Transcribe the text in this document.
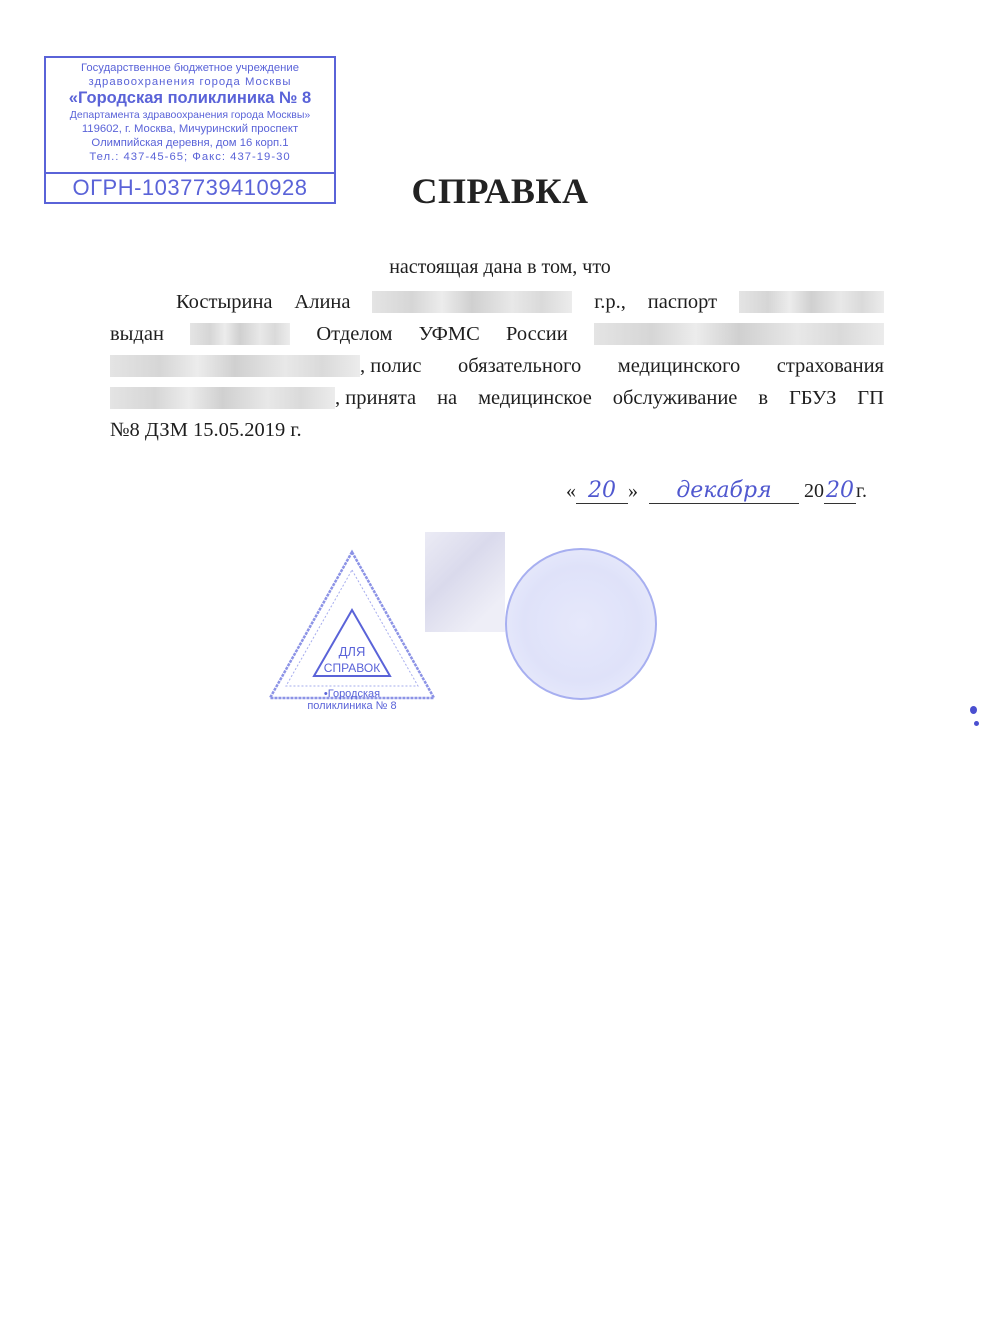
Государственное бюджетное учреждение
здравоохранения города Москвы
«Городская поликлиника № 8
Департамента здравоохранения города Москвы»
119602, г. Москва, Мичуринский проспект
Олимпийская деревня, дом 16 корп.1
Тел.: 437-45-65; Факс: 437-19-30
ОГРН-1037739410928	СПРАВКА
настоящая дана в том, что
Костырина Алина	г.р., паспорт
выдан	Отделом УФМС России
, полис обязательного медицинского страхования
, принята на медицинское обслуживание в ГБУЗ ГП
№8 ДЗМ 15.05.2019 г.
« 20 » декабря 2020 г.
ДЛЯ
СПРАВОК
•Городская
поликлиника № 8
